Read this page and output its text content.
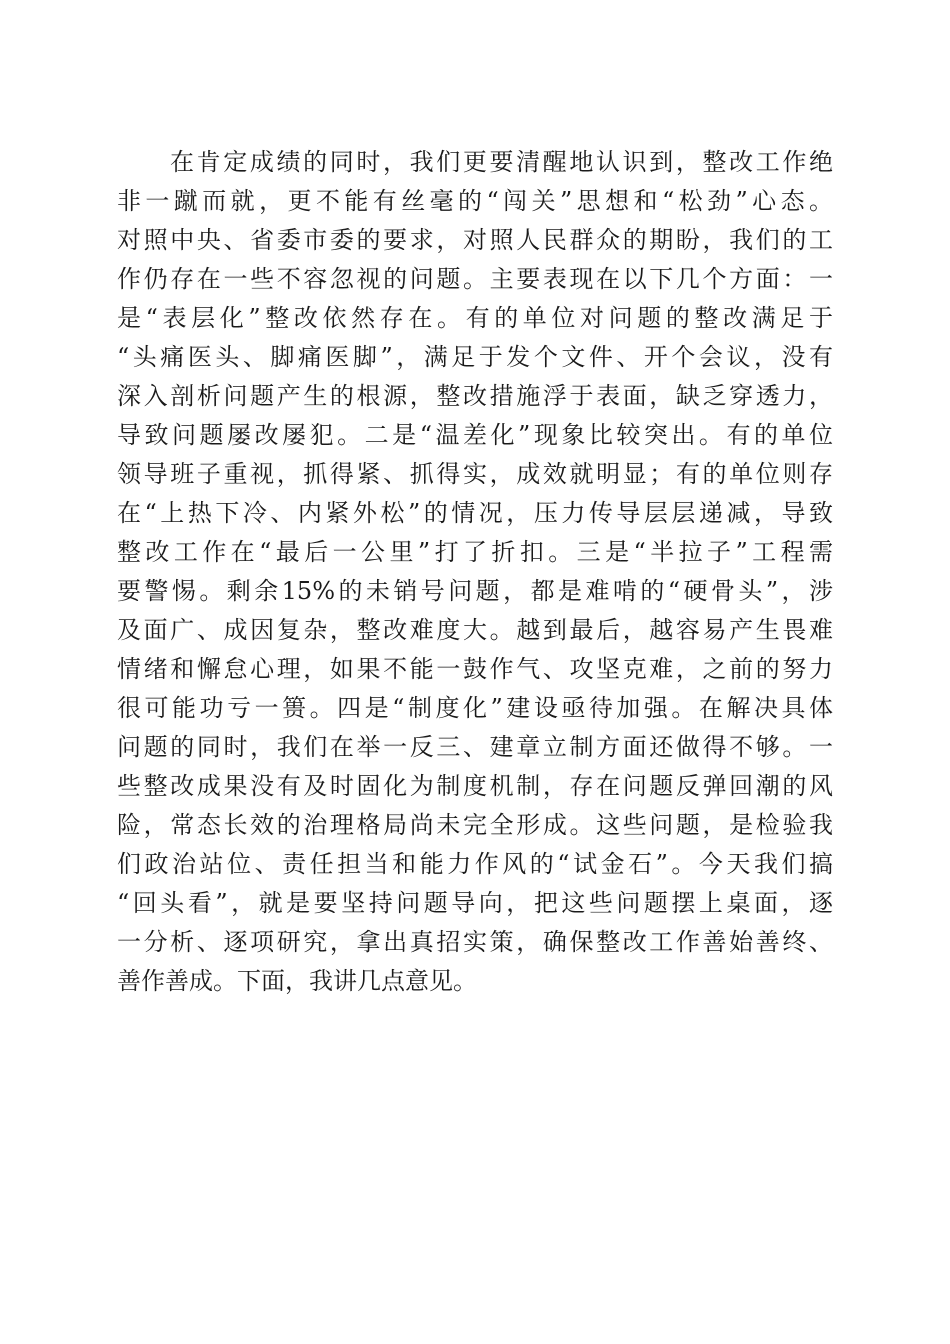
在肯定成绩的同时，我们更要清醒地认识到，整改工作绝
非一蹴而就，更不能有丝毫的“闯关”思想和“松劲”心态。
对照中央、省委市委的要求，对照人民群众的期盼，我们的工
作仍存在一些不容忽视的问题。主要表现在以下几个方面：一
是“表层化”整改依然存在。有的单位对问题的整改满足于
“头痛医头、脚痛医脚”，满足于发个文件、开个会议，没有
深入剖析问题产生的根源，整改措施浮于表面，缺乏穿透力，
导致问题屡改屡犯。二是“温差化”现象比较突出。有的单位
领导班子重视，抓得紧、抓得实，成效就明显；有的单位则存
在“上热下冷、内紧外松”的情况，压力传导层层递减，导致
整改工作在“最后一公里”打了折扣。三是“半拉子”工程需
要警惕。剩余15%的未销号问题，都是难啃的“硬骨头”，涉
及面广、成因复杂，整改难度大。越到最后，越容易产生畏难
情绪和懈怠心理，如果不能一鼓作气、攻坚克难，之前的努力
很可能功亏一篑。四是“制度化”建设亟待加强。在解决具体
问题的同时，我们在举一反三、建章立制方面还做得不够。一
些整改成果没有及时固化为制度机制，存在问题反弹回潮的风
险，常态长效的治理格局尚未完全形成。这些问题，是检验我
们政治站位、责任担当和能力作风的“试金石”。今天我们搞
“回头看”，就是要坚持问题导向，把这些问题摆上桌面，逐
一分析、逐项研究，拿出真招实策，确保整改工作善始善终、
善作善成。下面，我讲几点意见。
